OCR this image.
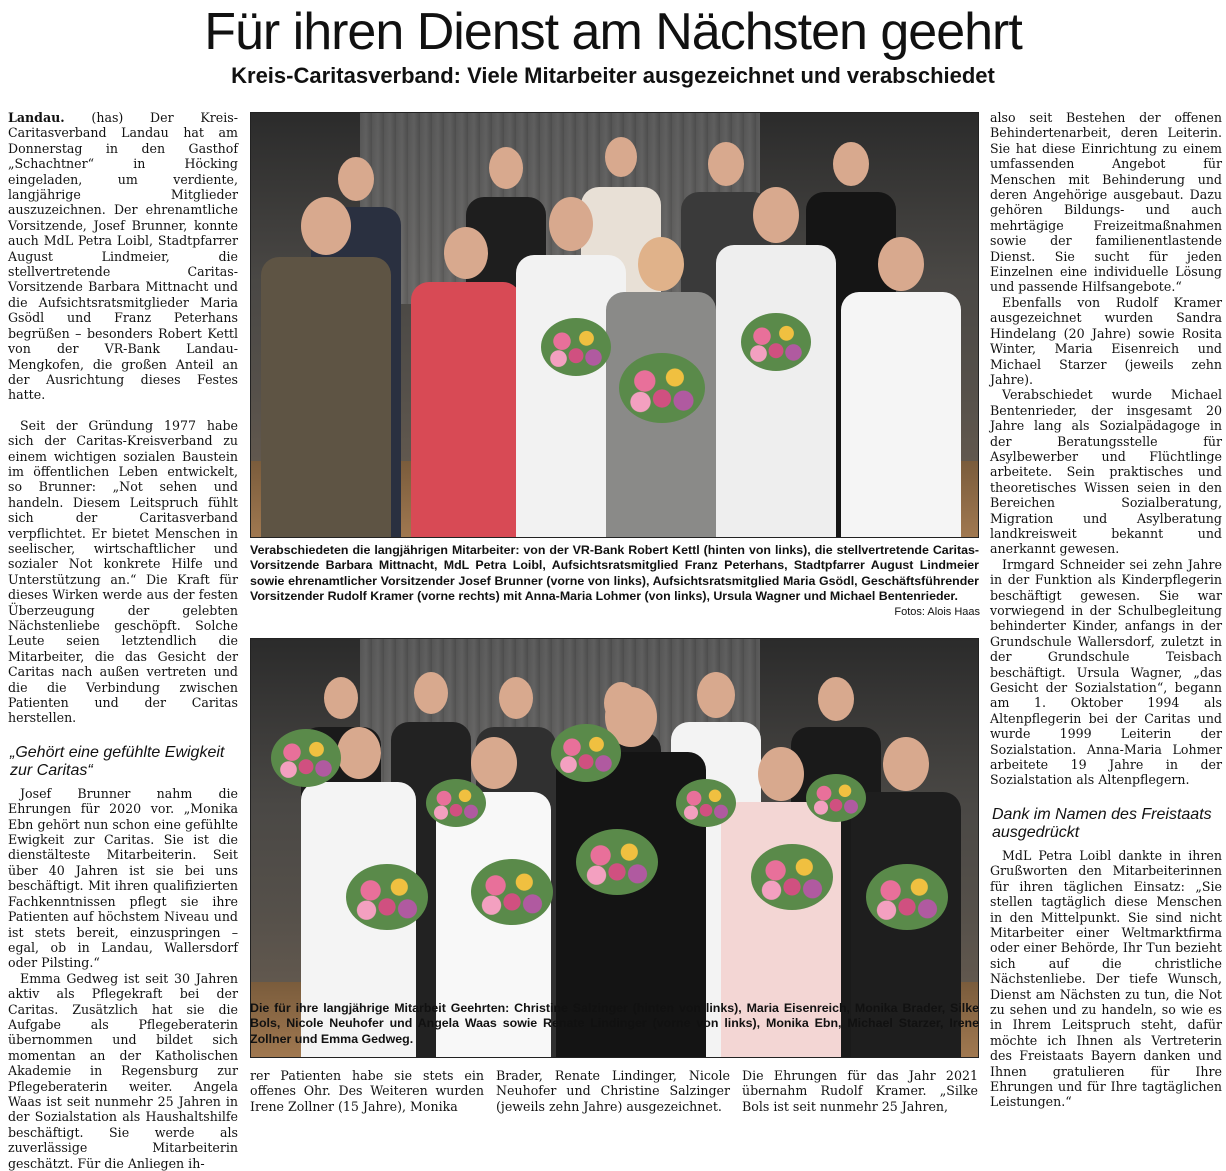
Für ihren Dienst am Nächsten geehrt
Kreis-Caritasverband: Viele Mitarbeiter ausgezeichnet und verabschiedet

Landau. (has) Der Kreis-Caritasverband Landau hat am Donnerstag in den Gasthof „Schachtner“ in Höcking eingeladen, um verdiente, langjährige Mitglieder auszuzeichnen. Der ehrenamtliche Vorsitzende, Josef Brunner, konnte auch MdL Petra Loibl, Stadtpfarrer August Lindmeier, die stellvertretende Caritas-Vorsitzende Barbara Mittnacht und die Aufsichtsratsmitglieder Maria Gsödl und Franz Peterhans begrüßen – besonders Robert Kettl von der VR-Bank Landau-Mengkofen, die großen Anteil an der Ausrichtung dieses Festes hatte.

Seit der Gründung 1977 habe sich der Caritas-Kreisverband zu einem wichtigen sozialen Baustein im öffentlichen Leben entwickelt, so Brunner: „Not sehen und handeln. Diesem Leitspruch fühlt sich der Caritasverband verpflichtet. Er bietet Menschen in seelischer, wirtschaftlicher und sozialer Not konkrete Hilfe und Unterstützung an.“ Die Kraft für dieses Wirken werde aus der festen Überzeugung der gelebten Nächstenliebe geschöpft. Solche Leute seien letztendlich die Mitarbeiter, die das Gesicht der Caritas nach außen vertreten und die die Verbindung zwischen Patienten und der Caritas herstellen.

„Gehört eine gefühlte Ewigkeit zur Caritas“

Josef Brunner nahm die Ehrungen für 2020 vor. „Monika Ebn gehört nun schon eine gefühlte Ewigkeit zur Caritas. Sie ist die dienstälteste Mitarbeiterin. Seit über 40 Jahren ist sie bei uns beschäftigt. Mit ihren qualifizierten Fachkenntnissen pflegt sie ihre Patienten auf höchstem Niveau und ist stets bereit, einzuspringen – egal, ob in Landau, Wallersdorf oder Pilsting.“

Emma Gedweg ist seit 30 Jahren aktiv als Pflegekraft bei der Caritas. Zusätzlich hat sie die Aufgabe als Pflegeberaterin übernommen und bildet sich momentan an der Katholischen Akademie in Regensburg zur Pflegeberaterin weiter. Angela Waas ist seit nunmehr 25 Jahren in der Sozialstation als Haushaltshilfe beschäftigt. Sie werde als zuverlässige Mitarbeiterin geschätzt. Für die Anliegen ih-

Verabschiedeten die langjährigen Mitarbeiter: von der VR-Bank Robert Kettl (hinten von links), die stellvertretende Caritas-Vorsitzende Barbara Mittnacht, MdL Petra Loibl, Aufsichtsratsmitglied Franz Peterhans, Stadtpfarrer August Lindmeier sowie ehrenamtlicher Vorsitzender Josef Brunner (vorne von links), Aufsichtsratsmitglied Maria Gsödl, Geschäftsführender Vorsitzender Rudolf Kramer (vorne rechts) mit Anna-Maria Lohmer (von links), Ursula Wagner und Michael Bentenrieder.
Fotos: Alois Haas
Die für ihre langjährige Mitarbeit Geehrten: Christine Salzinger (hinten von links), Maria Eisenreich, Monika Brader, Silke Bols, Nicole Neuhofer und Angela Waas sowie Renate Lindinger (vorne von links), Monika Ebn, Michael Starzer, Irene Zollner und Emma Gedweg.

rer Patienten habe sie stets ein offenes Ohr. Des Weiteren wurden Irene Zollner (15 Jahre), Monika

Brader, Renate Lindinger, Nicole Neuhofer und Christine Salzinger (jeweils zehn Jahre) ausgezeichnet.

Die Ehrungen für das Jahr 2021 übernahm Rudolf Kramer. „Silke Bols ist seit nunmehr 25 Jahren,

also seit Bestehen der offenen Behindertenarbeit, deren Leiterin. Sie hat diese Einrichtung zu einem umfassenden Angebot für Menschen mit Behinderung und deren Angehörige ausgebaut. Dazu gehören Bildungs- und auch mehrtägige Freizeitmaßnahmen sowie der familienentlastende Dienst. Sie sucht für jeden Einzelnen eine individuelle Lösung und passende Hilfsangebote.“

Ebenfalls von Rudolf Kramer ausgezeichnet wurden Sandra Hindelang (20 Jahre) sowie Rosita Winter, Maria Eisenreich und Michael Starzer (jeweils zehn Jahre).

Verabschiedet wurde Michael Bentenrieder, der insgesamt 20 Jahre lang als Sozialpädagoge in der Beratungsstelle für Asylbewerber und Flüchtlinge arbeitete. Sein praktisches und theoretisches Wissen seien in den Bereichen Sozialberatung, Migration und Asylberatung landkreisweit bekannt und anerkannt gewesen.

Irmgard Schneider sei zehn Jahre in der Funktion als Kinderpflegerin beschäftigt gewesen. Sie war vorwiegend in der Schulbegleitung behinderter Kinder, anfangs in der Grundschule Wallersdorf, zuletzt in der Grundschule Teisbach beschäftigt. Ursula Wagner, „das Gesicht der Sozialstation“, begann am 1. Oktober 1994 als Altenpflegerin bei der Caritas und wurde 1999 Leiterin der Sozialstation. Anna-Maria Lohmer arbeitete 19 Jahre in der Sozialstation als Altenpflegern.

Dank im Namen des Freistaats ausgedrückt

MdL Petra Loibl dankte in ihren Grußworten den Mitarbeiterinnen für ihren täglichen Einsatz: „Sie stellen tagtäglich diese Menschen in den Mittelpunkt. Sie sind nicht Mitarbeiter einer Weltmarktfirma oder einer Behörde, Ihr Tun bezieht sich auf die christliche Nächstenliebe. Der tiefe Wunsch, Dienst am Nächsten zu tun, die Not zu sehen und zu handeln, so wie es in Ihrem Leitspruch steht, dafür möchte ich Ihnen als Vertreterin des Freistaats Bayern danken und Ihnen gratulieren für Ihre Ehrungen und für Ihre tagtäglichen Leistungen.“
